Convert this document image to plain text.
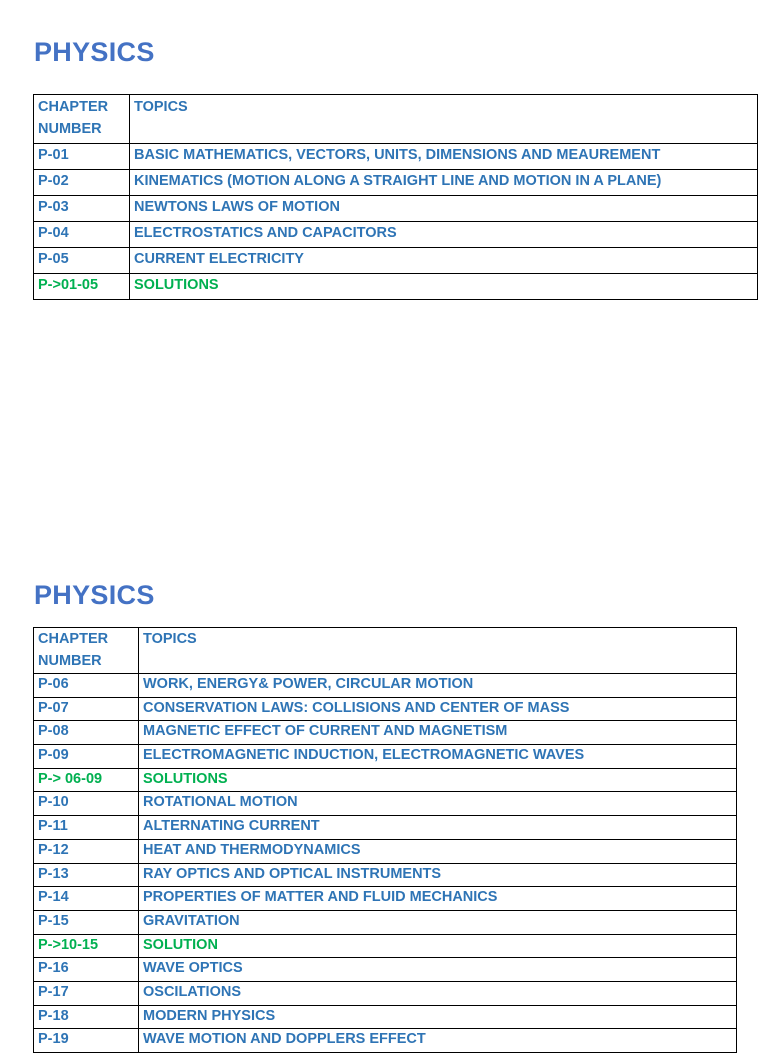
PHYSICS
CHAPTER
NUMBER	TOPICS

P-01	BASIC MATHEMATICS, VECTORS, UNITS, DIMENSIONS AND MEAUREMENT
P-02	KINEMATICS (MOTION ALONG A STRAIGHT LINE AND MOTION IN A PLANE)
P-03	NEWTONS LAWS OF MOTION
P-04	ELECTROSTATICS AND CAPACITORS
P-05	CURRENT ELECTRICITY
P->01-05	SOLUTIONS
PHYSICS
CHAPTER
NUMBER	TOPICS

P-06	WORK, ENERGY& POWER, CIRCULAR MOTION
P-07	CONSERVATION LAWS: COLLISIONS AND CENTER OF MASS
P-08	MAGNETIC EFFECT OF CURRENT AND MAGNETISM
P-09	ELECTROMAGNETIC INDUCTION, ELECTROMAGNETIC WAVES
P-> 06-09	SOLUTIONS
P-10	ROTATIONAL MOTION
P-11	ALTERNATING CURRENT
P-12	HEAT AND THERMODYNAMICS
P-13	RAY OPTICS AND OPTICAL INSTRUMENTS
P-14	PROPERTIES OF MATTER AND FLUID MECHANICS
P-15	GRAVITATION
P->10-15	SOLUTION
P-16	WAVE OPTICS
P-17	OSCILATIONS
P-18	MODERN PHYSICS
P-19	WAVE MOTION AND DOPPLERS EFFECT
